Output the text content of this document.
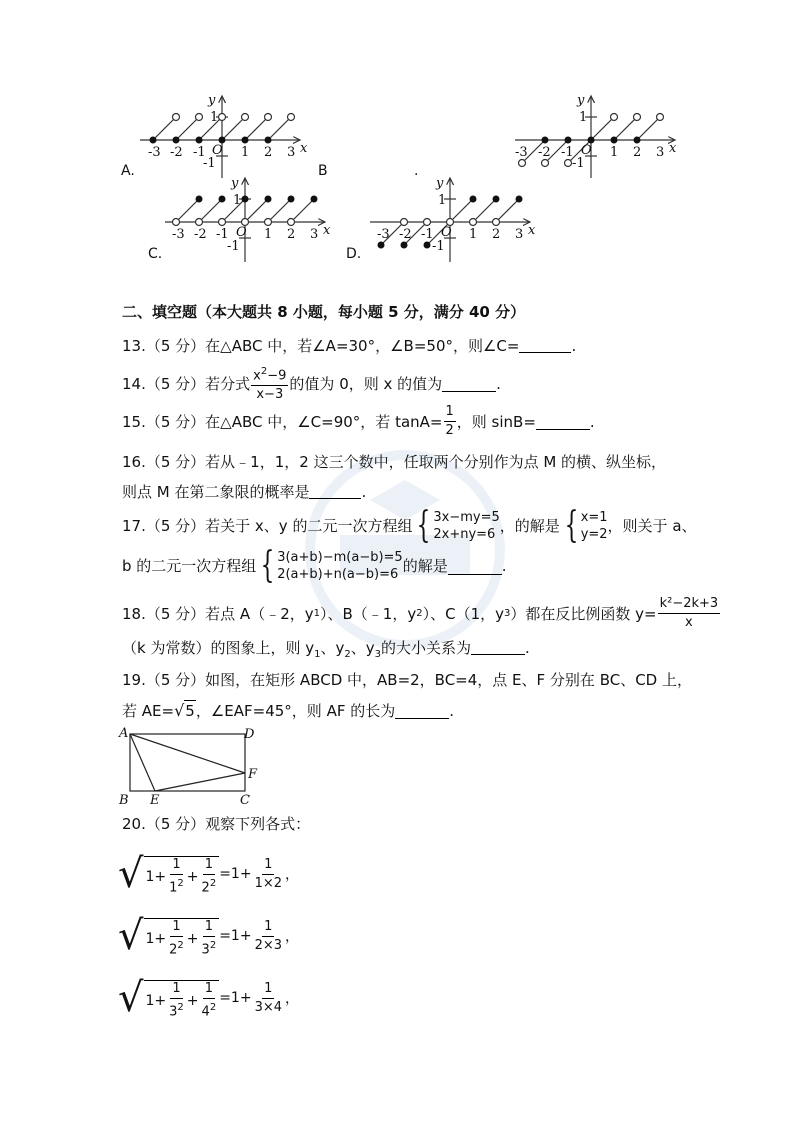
y
1
-3 -2 -1 O 1 2 3 x
-1
y
1
-3 -2 -1 O 1 2 3 x
-1
y
1
-3 -2 -1 O 1 2 3 x
-1
y
1
-3 -2 -1 O 1 2 3 x
-1
A.	B	.
C.	D.
二、填空题（本大题共 8 小题，每小题 5 分，满分 40 分）
13.（5 分）在△ABC 中，若∠A=30°，∠B=50°，则∠C=	.
14.（5 分）若分式 $\frac{x^2-9}{x-3}$ 的值为 0，则 x 的值为	.
15.（5 分）在△ABC 中，∠C=90°，若 $\tan A= \frac{1}{2}$ ，则 sinB=	.
16.（5 分）若从﹣1，1，2 这三个数中，任取两个分别作为点 M 的横、纵坐标，
则点 M 在第二象限的概率是	.
17.（5 分）若关于 x、y 的二元一次方程组 { 3x−my=5
2x+ny=6 ，的解是 { x=1
y=2 ，则关于 a、
b 的二元一次方程组 { 3(a+b)−m(a−b)=5
2(a+b)+n(a−b)=6 的解是	.
18.（5 分）若点 A（﹣2，y 1 ）、B（﹣1，y 2 ）、C（1，y 3 ）都在反比例函数 $y= \frac{\text{k²−2k+3}}{x}$
（k 为常数）的图象上，则 $y_1$、$y_2$、$y_3$的大小关系为	.
19.（5 分）如图，在矩形 ABCD 中，AB=2，BC=4，点 E、F 分别在 BC、CD 上，
若 AE= √ 5 ，∠EAF=45°，则 AF 的长为	.
A	D
F
B E	C
20.（5 分）观察下列各式：
√ $1+ \frac{1}{1^2} + \frac{1}{2^2} =1+ \frac{1}{1\times 2}$ ，
√ $1+ \frac{1}{2^2} + \frac{1}{3^2} =1+ \frac{1}{2\times 3}$ ，
√ $1+ \frac{1}{3^2} + \frac{1}{4^2} =1+ \frac{1}{3\times 4}$ ，
